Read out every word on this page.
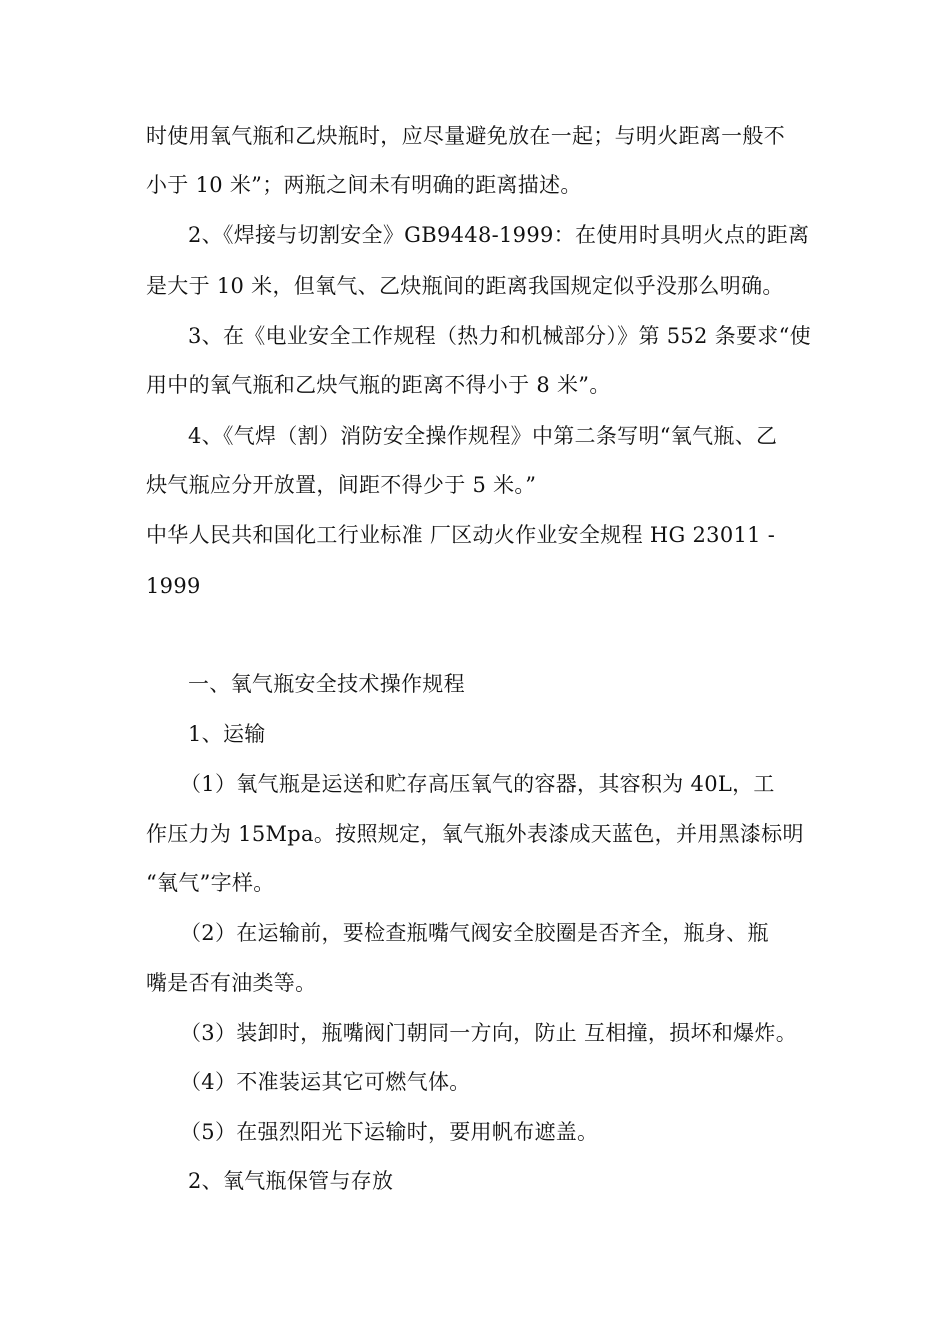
时使用氧气瓶和乙炔瓶时，应尽量避免放在一起；与明火距离一般不
小于 10 米”；两瓶之间未有明确的距离描述。
2、《焊接与切割安全》GB9448-1999：在使用时具明火点的距离
是大于 10 米，但氧气、乙炔瓶间的距离我国规定似乎没那么明确。
3、在《电业安全工作规程（热力和机械部分）》第 552 条要求“使
用中的氧气瓶和乙炔气瓶的距离不得小于 8 米”。
4、《气焊（割）消防安全操作规程》中第二条写明“氧气瓶、乙
炔气瓶应分开放置，间距不得少于 5 米。”
中华人民共和国化工行业标准 厂区动火作业安全规程 HG 23011 -
1999
一、氧气瓶安全技术操作规程
1、运输
（1）氧气瓶是运送和贮存高压氧气的容器，其容积为 40L，工
作压力为 15Mpa。按照规定，氧气瓶外表漆成天蓝色，并用黑漆标明
“氧气”字样。
（2）在运输前，要检查瓶嘴气阀安全胶圈是否齐全，瓶身、瓶
嘴是否有油类等。
（3）装卸时，瓶嘴阀门朝同一方向，防止 互相撞，损坏和爆炸。
（4）不准装运其它可燃气体。
（5）在强烈阳光下运输时，要用帆布遮盖。
2、氧气瓶保管与存放
